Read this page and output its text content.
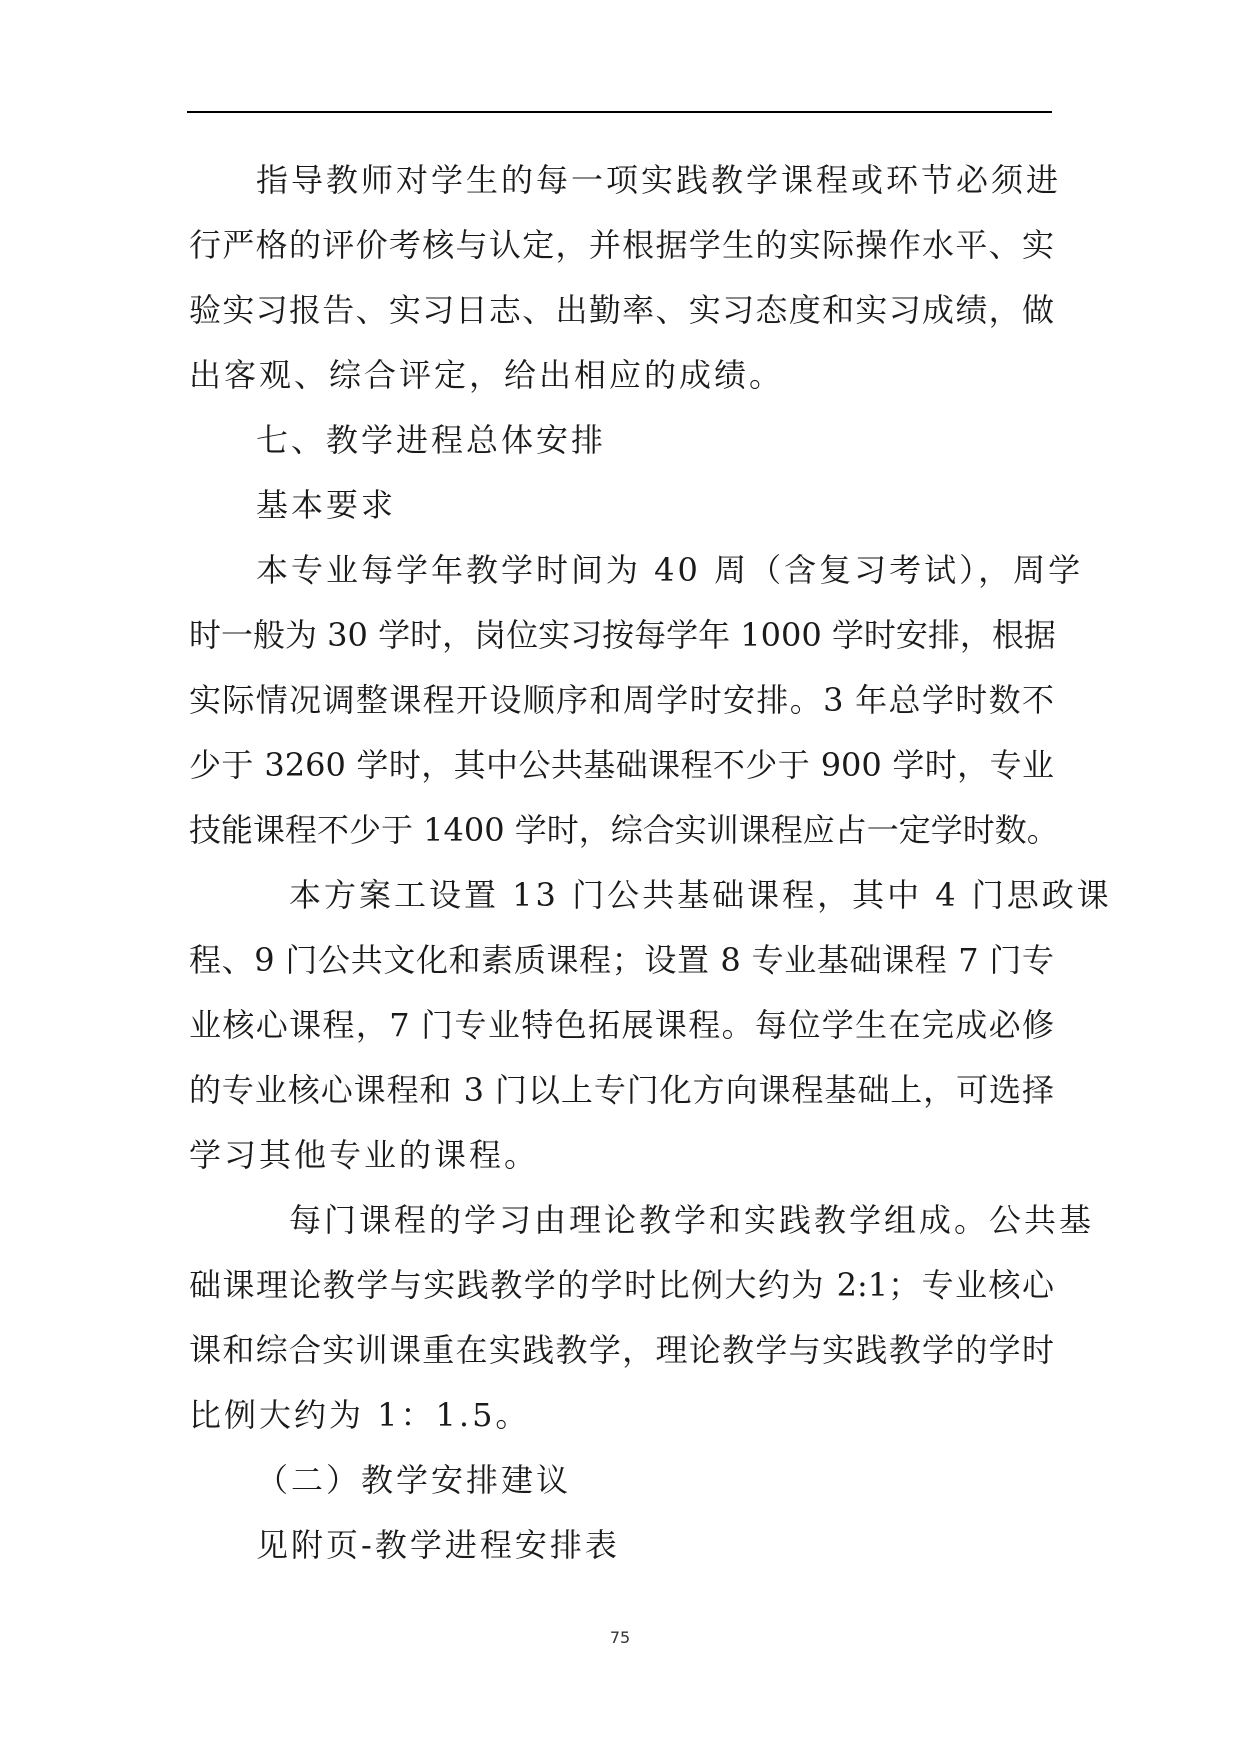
指导教师对学生的每一项实践教学课程或环节必须进
行严格的评价考核与认定，并根据学生的实际操作水平、实
验实习报告、实习日志、出勤率、实习态度和实习成绩，做
出客观、综合评定，给出相应的成绩。
七、教学进程总体安排
基本要求
本专业每学年教学时间为 40 周（含复习考试），周学
时一般为 30 学时，岗位实习按每学年 1000 学时安排，根据
实际情况调整课程开设顺序和周学时安排。3 年总学时数不
少于 3260 学时，其中公共基础课程不少于 900 学时，专业
技能课程不少于 1400 学时，综合实训课程应占一定学时数。
本方案工设置 13 门公共基础课程，其中 4 门思政课
程、9 门公共文化和素质课程；设置 8 专业基础课程 7 门专
业核心课程，7 门专业特色拓展课程。每位学生在完成必修
的专业核心课程和 3 门以上专门化方向课程基础上，可选择
学习其他专业的课程。
每门课程的学习由理论教学和实践教学组成。公共基
础课理论教学与实践教学的学时比例大约为 2:1；专业核心
课和综合实训课重在实践教学，理论教学与实践教学的学时
比例大约为 1：1.5。
（二）教学安排建议
见附页-教学进程安排表
75
